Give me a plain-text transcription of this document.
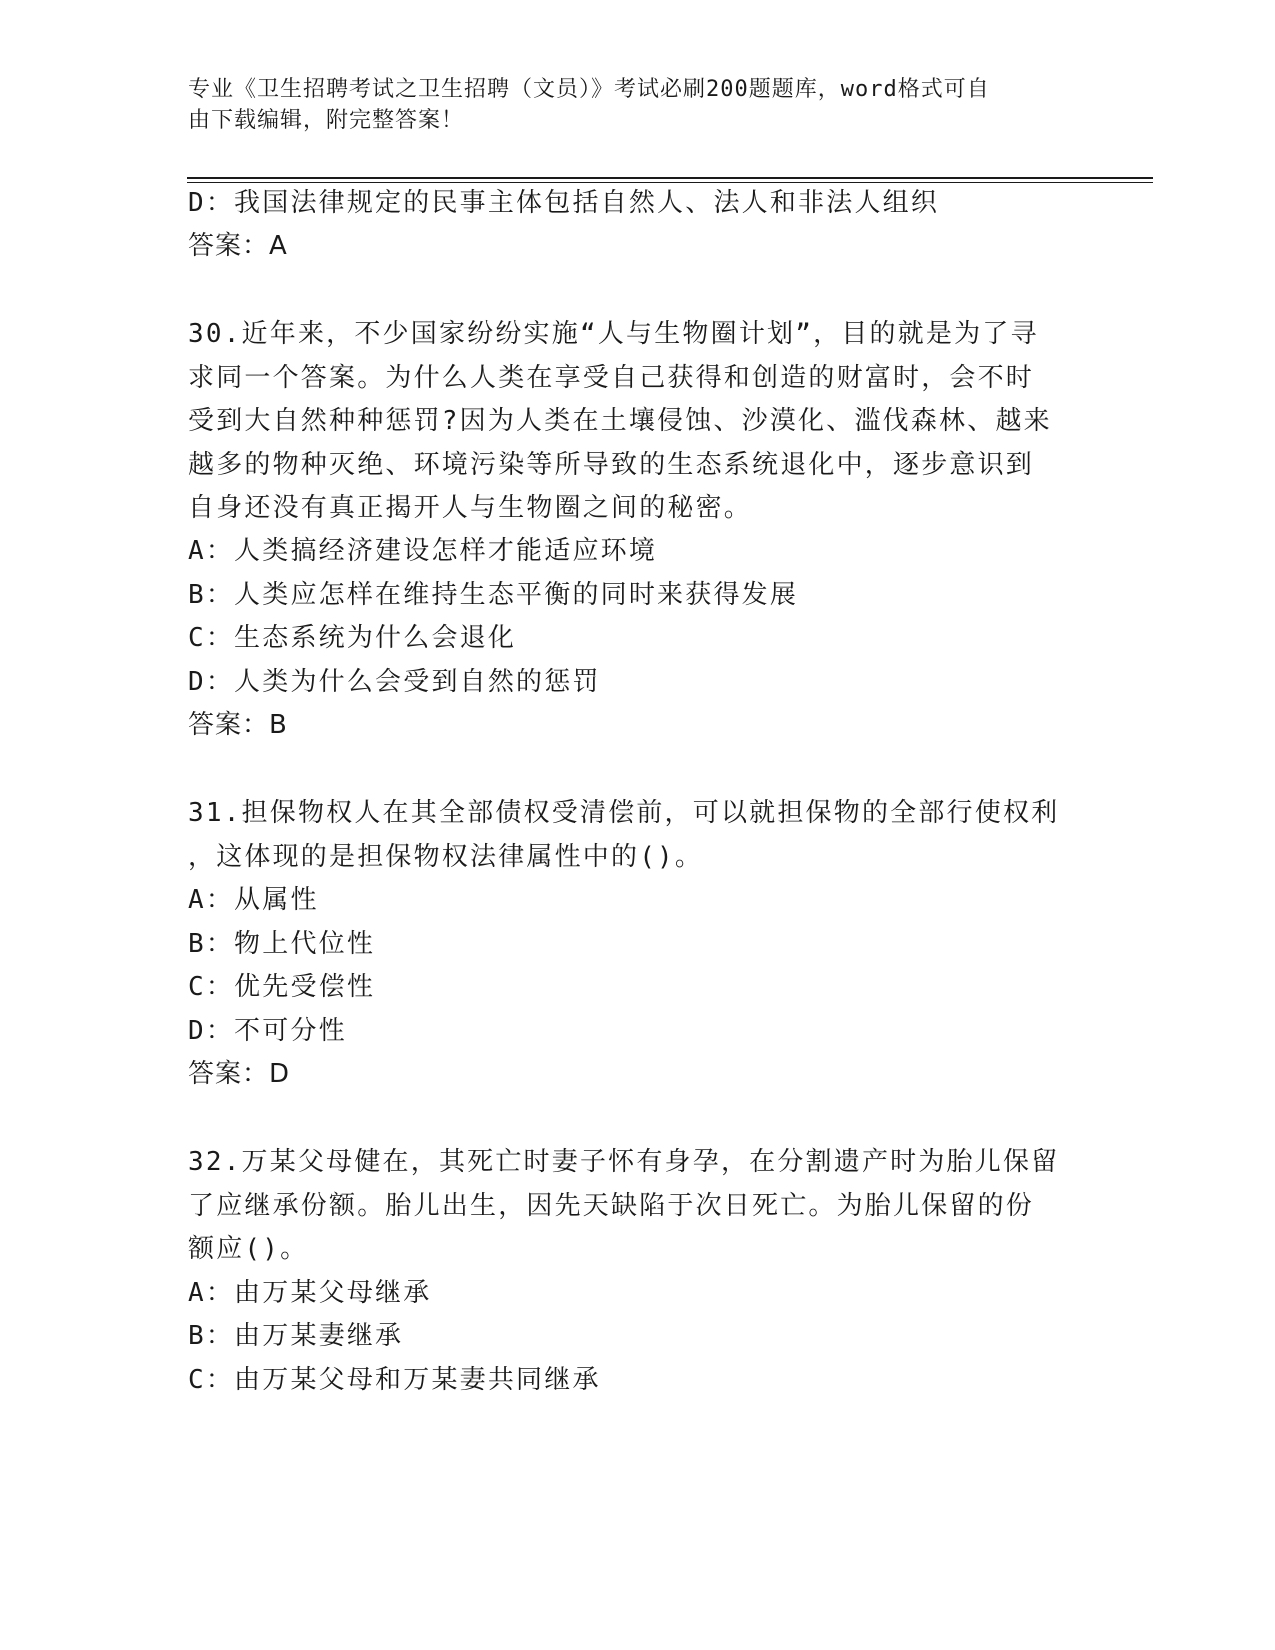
专业《卫生招聘考试之卫生招聘（文员）》考试必刷200题题库，word格式可自
由下载编辑，附完整答案！
D：我国法律规定的民事主体包括自然人、法人和非法人组织
答案：A
30.近年来，不少国家纷纷实施“人与生物圈计划”，目的就是为了寻
求同一个答案。为什么人类在享受自己获得和创造的财富时，会不时
受到大自然种种惩罚?因为人类在土壤侵蚀、沙漠化、滥伐森林、越来
越多的物种灭绝、环境污染等所导致的生态系统退化中，逐步意识到
自身还没有真正揭开人与生物圈之间的秘密。
A：人类搞经济建设怎样才能适应环境
B：人类应怎样在维持生态平衡的同时来获得发展
C：生态系统为什么会退化
D：人类为什么会受到自然的惩罚
答案：B
31.担保物权人在其全部债权受清偿前，可以就担保物的全部行使权利
，这体现的是担保物权法律属性中的()。
A：从属性
B：物上代位性
C：优先受偿性
D：不可分性
答案：D
32.万某父母健在，其死亡时妻子怀有身孕，在分割遗产时为胎儿保留
了应继承份额。胎儿出生，因先天缺陷于次日死亡。为胎儿保留的份
额应()。
A：由万某父母继承
B：由万某妻继承
C：由万某父母和万某妻共同继承
